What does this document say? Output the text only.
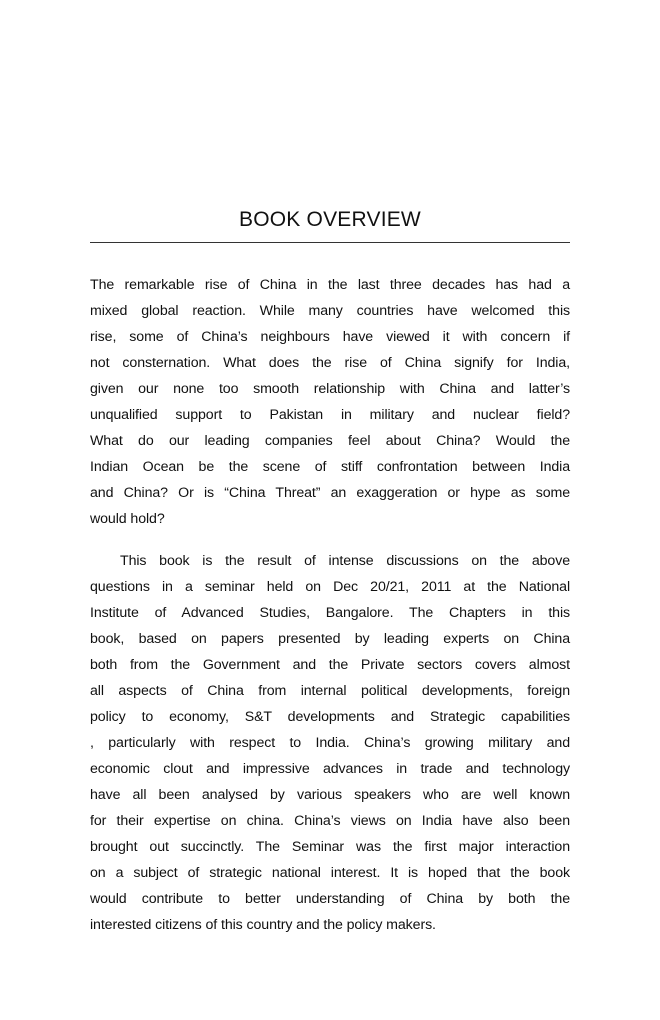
BOOK OVERVIEW
The remarkable rise of China in the last three decades has had a
mixed global reaction. While many countries have welcomed this
rise, some of China’s neighbours have viewed it with concern if
not consternation. What does the rise of China signify for India,
given our none too smooth relationship with China and latter’s
unqualified support to Pakistan in military and nuclear field?
What do our leading companies feel about China? Would the
Indian Ocean be the scene of stiff confrontation between India
and China? Or is “China Threat” an exaggeration or hype as some
would hold?
This book is the result of intense discussions on the above
questions in a seminar held on Dec 20/21, 2011 at the National
Institute of Advanced Studies, Bangalore. The Chapters in this
book, based on papers presented by leading experts on China
both from the Government and the Private sectors covers almost
all aspects of China from internal political developments, foreign
policy to economy, S&T developments and Strategic capabilities
, particularly with respect to India. China’s growing military and
economic clout and impressive advances in trade and technology
have all been analysed by various speakers who are well known
for their expertise on china. China’s views on India have also been
brought out succinctly. The Seminar was the first major interaction
on a subject of strategic national interest. It is hoped that the book
would contribute to better understanding of China by both the
interested citizens of this country and the policy makers.
